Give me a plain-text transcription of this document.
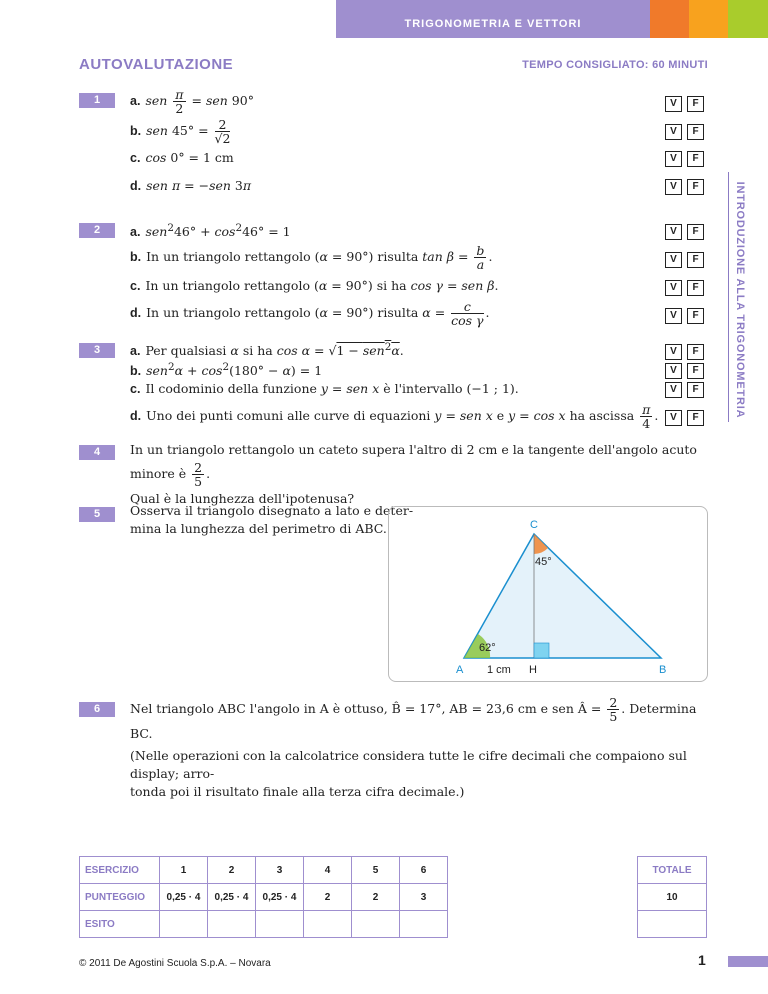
TRIGONOMETRIA E VETTORI
AUTOVALUTAZIONE	TEMPO CONSIGLIATO: 60 MINUTI
INTRODUZIONE ALLA TRIGONOMETRIA
1	a. sen $\frac{\pi}{2}$ = sen 90°
b. sen $45^\circ = \frac{2}{√2}$
c. cos 0° = 1 cm
d. sen π = −sen 3π
2	a. $sen^246^\circ + \cos^246^\circ = 1$
b. In un triangolo rettangolo (α = 90°) risulta $\tan \beta = \frac{b}{a}$ .
c. In un triangolo rettangolo (α = 90°) si ha cos γ = sen β.
d. In un triangolo rettangolo (α = 90°) risulta $\alpha = \frac{c}{\text{cos γ}}$ .
3	a. Per qualsiasi α si ha cos α = √1 − sen$^2$α.
b. $sen^2\alpha + \cos^2(180^\circ - \alpha) = 1$
c. Il codominio della funzione y = sen x è l'intervallo (−1 ; 1).
d. Uno dei punti comuni alle curve di equazioni y = sen x e y = cos x ha ascissa $\frac{\pi}{4}$ .
V F
V F
V F
V F
V F
V F
V F
V F
V F
V F
V F
V F
4	In un triangolo rettangolo un cateto supera l'altro di 2 cm e la tangente dell'angolo acuto minore è $\frac{2}{5}$ .
Qual è la lunghezza dell'ipotenusa?
5	Osserva il triangolo disegnato a lato e deter-
mina la lunghezza del perimetro di ABC.	C
45°
62°
A 1 cm H	B
6	Nel triangolo ABC l'angolo in A è ottuso, B̂ = 17°, AB = 23,6 cm e sen Â = $\frac{2}{5}$ . Determina BC.
(Nelle operazioni con la calcolatrice considera tutte le cifre decimali che compaiono sul display; arro-
tonda poi il risultato finale alla terza cifra decimale.)
ESERCIZIO	1	2	3	4	5	6
PUNTEGGIO	0,25 · 4	0,25 · 4	0,25 · 4	2	2	3
ESITO						
TOTALE
10

© 2011 De Agostini Scuola S.p.A. – Novara	1
